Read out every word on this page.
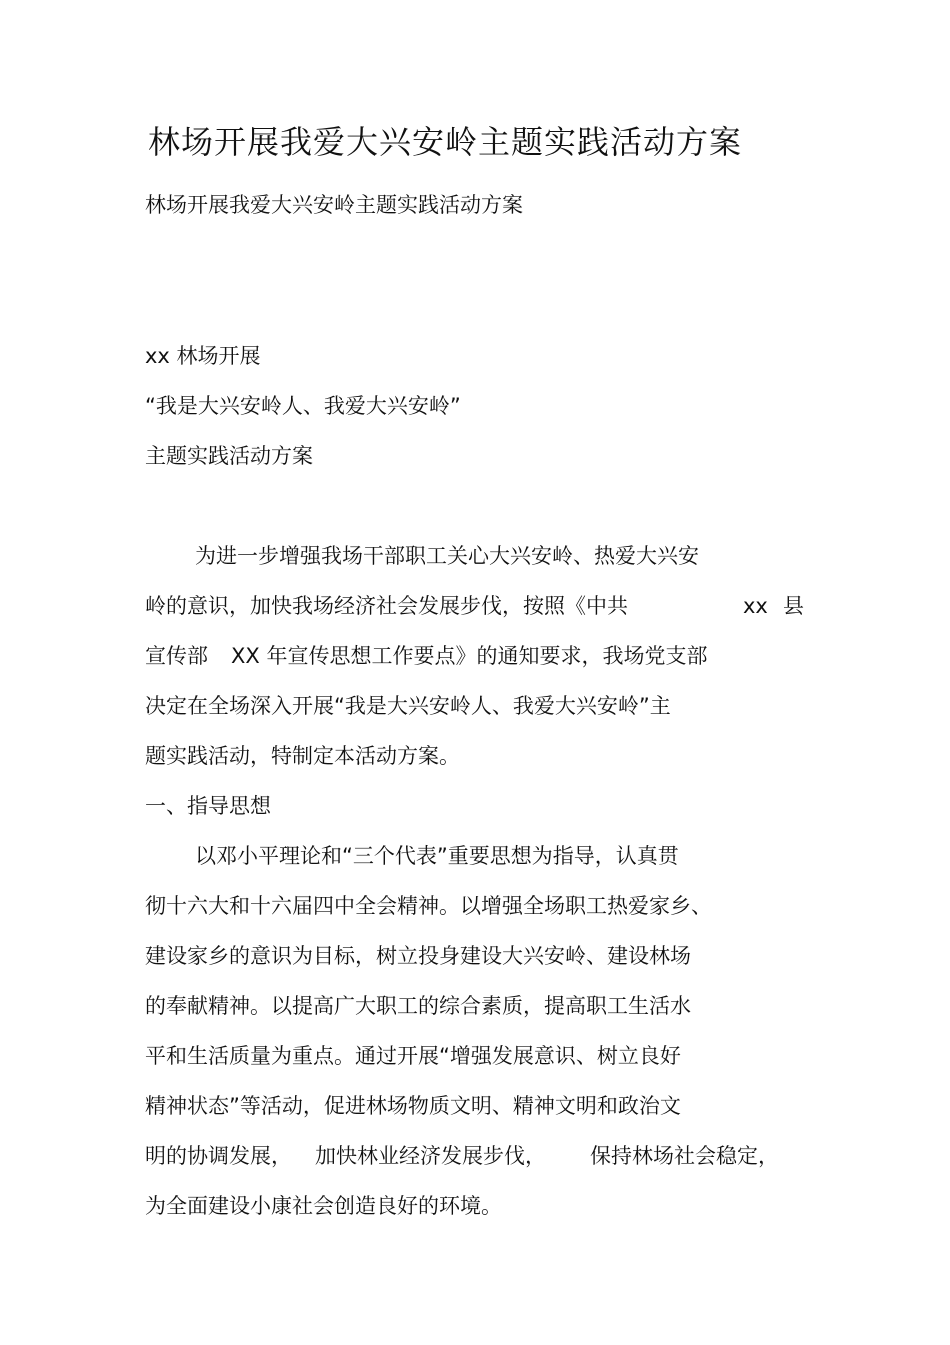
林场开展我爱大兴安岭主题实践活动方案
林场开展我爱大兴安岭主题实践活动方案
xx 林场开展
“我是大兴安岭人、我爱大兴安岭”
主题实践活动方案
为进一步增强我场干部职工关心大兴安岭、热爱大兴安
岭的意识，加快我场经济社会发展步伐，按照《中共	xx 县
宣传部 XX 年宣传思想工作要点》的通知要求，我场党支部
决定在全场深入开展“我是大兴安岭人、我爱大兴安岭”主
题实践活动，特制定本活动方案。
一、指导思想
以邓小平理论和“三个代表”重要思想为指导，认真贯
彻十六大和十六届四中全会精神。以增强全场职工热爱家乡、
建设家乡的意识为目标，树立投身建设大兴安岭、建设林场
的奉献精神。以提高广大职工的综合素质，提高职工生活水
平和生活质量为重点。通过开展“增强发展意识、树立良好
精神状态”等活动，促进林场物质文明、精神文明和政治文
明的协调发展， 加快林业经济发展步伐， 保持林场社会稳定，
为全面建设小康社会创造良好的环境。
